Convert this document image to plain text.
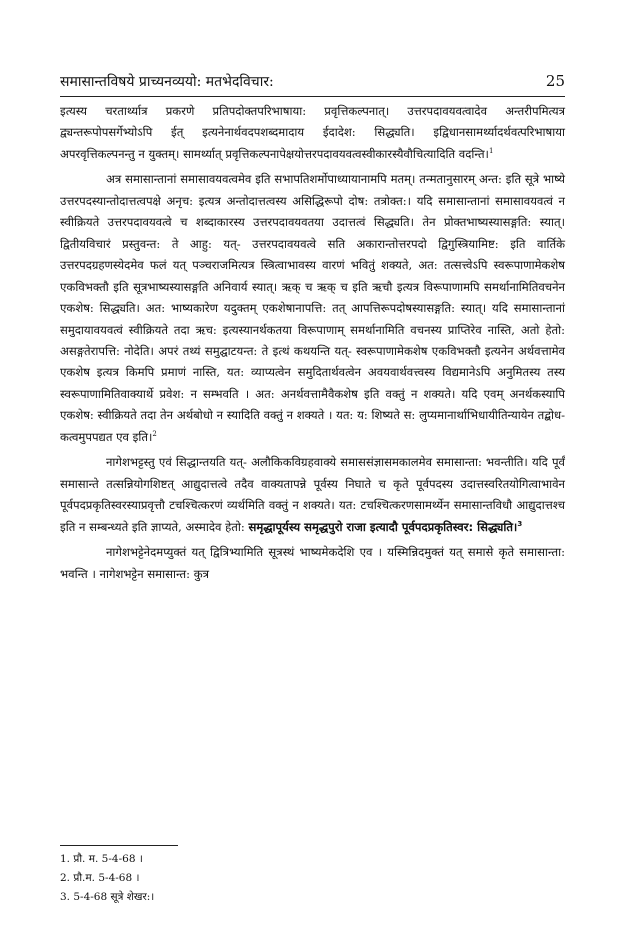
समासान्तविषये प्राच्यनव्ययो: मतभेदविचार:	25

इत्यस्य चरतार्थ्यात्र प्रकरणे प्रतिपदोक्तपरिभाषाया: प्रवृत्तिकल्पनात्। उत्तरपदावयवत्वादेव अन्तरीपमित्यत्र द्व्यन्तरूपोपसर्गेभ्योऽपि ईत् इत्यनेनार्थवदपशब्दमादाय ईदादेश: सिद्ध्यति। इद्विधानसामर्थ्यादर्थवत्परिभाषाया अपरवृत्तिकल्पनन्तु न युक्तम्। सामर्थ्यात् प्रवृत्तिकल्पनापेक्षयोत्तरपदावयवत्वस्वीकारस्यैवौचित्यादिति वदन्ति।$^1$

अत्र समासान्तानां समासावयवत्वमेव इति सभापतिशर्मोपाध्यायानामपि मतम्। तन्मतानुसारम् अन्त: इति सूत्रे भाष्ये उत्तरपदस्यान्तोदात्तत्वपक्षे अनृच: इत्यत्र अन्तोदात्तत्वस्य असिद्धिरूपो दोष: तत्रोक्त:। यदि समासान्तानां समासावयवत्वं न स्वीक्रियते उत्तरपदावयवत्वे च शब्दाकारस्य उत्तरपदावयवतया उदात्तत्वं सिद्ध्यति। तेन प्रोक्तभाष्यस्यासङ्गति: स्यात्। द्वितीयविचारं प्रस्तुवन्त: ते आहु: यत्- उत्तरपदावयवत्वे सति अकारान्तोत्तरपदो द्विगुस्त्रियामिष्ट: इति वार्तिके उत्तरपदग्रहणस्येदमेव फलं यत् पञ्चराजमित्यत्र स्त्रित्वाभावस्य वारणं भवितुं शक्यते, अत: तत्सत्त्वेऽपि स्वरूपाणामेकशेष एकविभक्तौ इति सूत्रभाष्यस्यासङ्गति अनिवार्य स्यात्। ऋक् च ऋक् च इति ऋचौ इत्यत्र विरूपाणामपि समर्थानामितिवचनेन एकशेष: सिद्ध्यति। अत: भाष्यकारेण यदुक्तम् एकशेषानापत्ति: तत् आपत्तिरूपदोषस्यासङ्गति: स्यात्। यदि समासान्तानां समुदायावयवत्वं स्वीक्रियते तदा ऋच: इत्यस्यानर्थकतया विरूपाणाम् समर्थानामिति वचनस्य प्राप्तिरेव नास्ति, अतो हेतो: असङ्गतेरापत्ति: नोदेति। अपरं तथ्यं समुद्घाटयन्त: ते इत्थं कथयन्ति यत्- स्वरूपाणामेकशेष एकविभक्तौ इत्यनेन अर्थवत्तामेव एकशेष इत्यत्र किमपि प्रमाणं नास्ति, यत: व्याप्यत्वेन समुदितार्थवत्वेन अवयवार्थवत्त्वस्य विद्यमानेऽपि अनुमितस्य तस्य स्वरूपाणामितिवाक्यार्थे प्रवेश: न सम्भवति । अत: अनर्थवत्तामैवैकशेष इति वक्तुं न शक्यते। यदि एवम् अनर्थकस्यापि एकशेष: स्वीक्रियते तदा तेन अर्थबोधो न स्यादिति वक्तुं न शक्यते । यत: य: शिष्यते स: लुप्यमानार्थाभिधायीतिन्यायेन तद्बोध- कत्वमुपपद्यत एव इति।$^2$

नागेशभट्टस्तु एवं सिद्धान्तयति यत्- अलौकिकविग्रहवाक्ये समाससंज्ञासमकालमेव समासान्ता: भवन्तीति। यदि पूर्वं समासान्ते तत्सन्नियोगशिष्टत् आद्युदात्तत्वे तदैव वाक्यतापन्ने पूर्वस्य निघाते च कृते पूर्वपदस्य उदात्तस्वरितयोगित्वाभावेन पूर्वपदप्रकृतिस्वरस्याप्रवृत्तौ टचश्चित्करणं व्यर्थमिति वक्तुं न शक्यते। यत: टचश्चित्करणसामर्थ्येन समासान्तविधौ आद्युदात्तश्च इति न सम्बन्ध्यते इति ज्ञाप्यते, अस्मादेव हेतो: समृद्धापूर्यस्य समृद्धपुरो राजा इत्यादौ पूर्वपदप्रकृतिस्वर: सिद्ध्यति।$^3$

नागेशभट्टेनेदमप्युक्तं यत् द्वित्रिभ्यामिति सूत्रस्थं भाष्यमेकदेशि एव । यस्मिन्निदमुक्तं यत् समासे कृते समासान्ता: भवन्ति । नागेशभट्टेन समासान्त: कुत्र

1. प्रौ. म. 5-4-68 ।
2. प्रौ.म. 5-4-68 ।
3. 5-4-68 सूत्रे शेखर:।
